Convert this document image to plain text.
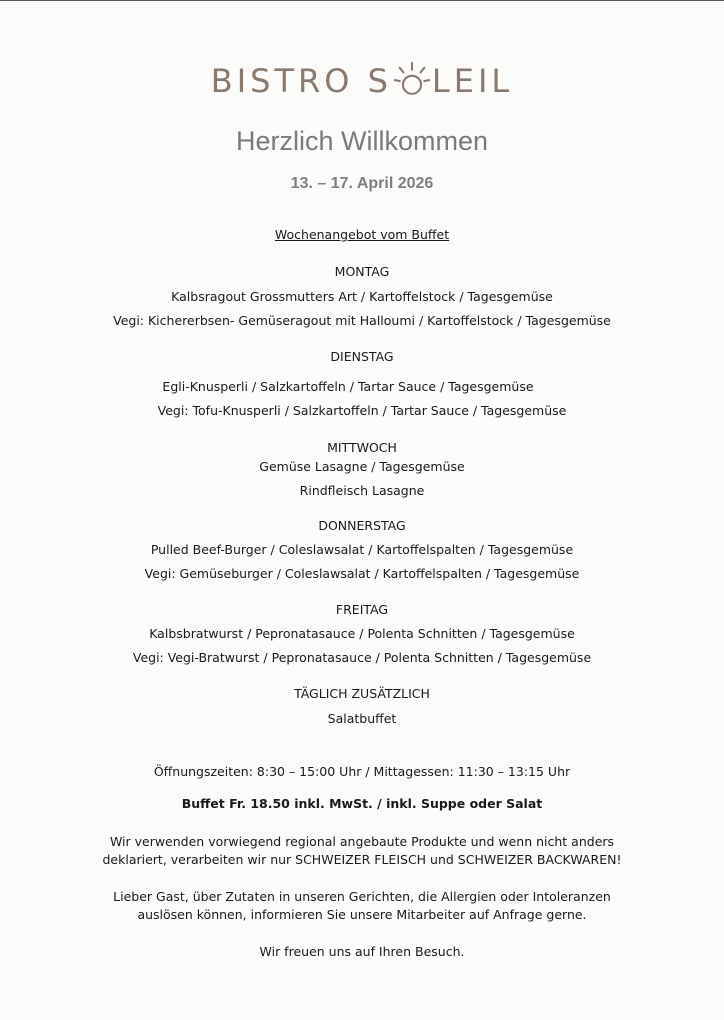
BISTRO S LEIL
Herzlich Willkommen
13. – 17. April 2026
Wochenangebot vom Buffet
MONTAG
Kalbsragout Grossmutters Art / Kartoffelstock / Tagesgemüse
Vegi: Kichererbsen- Gemüseragout mit Halloumi / Kartoffelstock / Tagesgemüse
DIENSTAG
Egli-Knusperli / Salzkartoffeln / Tartar Sauce / Tagesgemüse
Vegi: Tofu-Knusperli / Salzkartoffeln / Tartar Sauce / Tagesgemüse
MITTWOCH
Gemüse Lasagne / Tagesgemüse
Rindfleisch Lasagne
DONNERSTAG
Pulled Beef-Burger / Coleslawsalat / Kartoffelspalten / Tagesgemüse
Vegi: Gemüseburger / Coleslawsalat / Kartoffelspalten / Tagesgemüse
FREITAG
Kalbsbratwurst / Pepronatasauce / Polenta Schnitten / Tagesgemüse
Vegi: Vegi-Bratwurst / Pepronatasauce / Polenta Schnitten / Tagesgemüse
TÄGLICH ZUSÄTZLICH
Salatbuffet
Öffnungszeiten: 8:30 – 15:00 Uhr / Mittagessen: 11:30 – 13:15 Uhr
Buffet Fr. 18.50 inkl. MwSt. / inkl. Suppe oder Salat
Wir verwenden vorwiegend regional angebaute Produkte und wenn nicht anders
deklariert, verarbeiten wir nur SCHWEIZER FLEISCH und SCHWEIZER BACKWAREN!
Lieber Gast, über Zutaten in unseren Gerichten, die Allergien oder Intoleranzen
auslösen können, informieren Sie unsere Mitarbeiter auf Anfrage gerne.
Wir freuen uns auf Ihren Besuch.
